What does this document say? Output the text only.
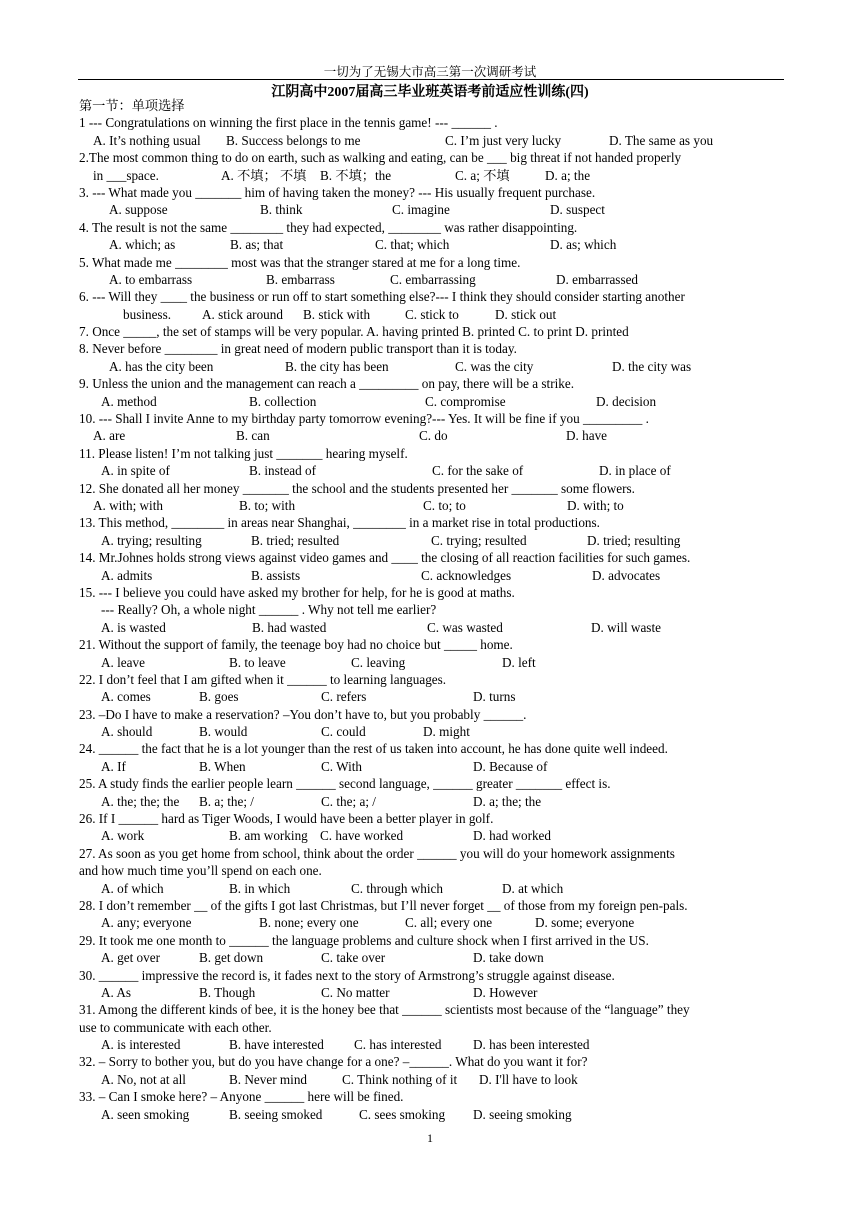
一切为了无锡大市高三第一次调研考试
江阴高中2007届高三毕业班英语考前适应性训练(四)
第一节：单项选择
1 --- Congratulations on winning the first place in the tennis game! --- ______ .
A. It’s nothing usual B. Success belongs to me	C. I’m just very lucky	D. The same as you
2.The most common thing to do on earth, such as walking and eating, can be ___ big threat if not handed properly
in ___space.	A. 不填； 不填 B. 不填；the	C. a; 不填	D. a; the
3. --- What made you _______ him of having taken the money? --- His usually frequent purchase.
A. suppose	B. think	C. imagine	D. suspect
4. The result is not the same ________ they had expected, ________ was rather disappointing.
A. which; as	B. as; that	C. that; which	D. as; which
5. What made me ________ most was that the stranger stared at me for a long time.
A. to embarrass	B. embarrass	C. embarrassing	D. embarrassed
6. --- Will they ____ the business or run off to start something else?--- I think they should consider starting another
business. A. stick around B. stick with	C. stick to	D. stick out
7. Once _____, the set of stamps will be very popular. A. having printed B. printed C. to print D. printed
8. Never before ________ in great need of modern public transport than it is today.
A. has the city been	B. the city has been	C. was the city	D. the city was
9. Unless the union and the management can reach a _________ on pay, there will be a strike.
A. method	B. collection	C. compromise	D. decision
10. --- Shall I invite Anne to my birthday party tomorrow evening?--- Yes. It will be fine if you _________ .
A. are	B. can	C. do	D. have
11. Please listen! I’m not talking just _______ hearing myself.
A. in spite of	B. instead of	C. for the sake of	D. in place of
12. She donated all her money _______ the school and the students presented her _______ some flowers.
A. with; with	B. to; with	C. to; to	D. with; to
13. This method, ________ in areas near Shanghai, ________ in a market rise in total productions.
A. trying; resulting	B. tried; resulted	C. trying; resulted	D. tried; resulting
14. Mr.Johnes holds strong views against video games and ____ the closing of all reaction facilities for such games.
A. admits	B. assists	C. acknowledges	D. advocates
15. --- I believe you could have asked my brother for help, for he is good at maths.
--- Really? Oh, a whole night ______ . Why not tell me earlier?
A. is wasted	B. had wasted	C. was wasted	D. will waste
21. Without the support of family, the teenage boy had no choice but _____ home.
A. leave	B. to leave	C. leaving	D. left
22. I don’t feel that I am gifted when it ______ to learning languages.
A. comes	B. goes	C. refers	D. turns
23. –Do I have to make a reservation? –You don’t have to, but you probably ______.
A. should	B. would	C. could	D. might
24. ______ the fact that he is a lot younger than the rest of us taken into account, he has done quite well indeed.
A. If	B. When	C. With	D. Because of
25. A study finds the earlier people learn ______ second language, ______ greater _______ effect is.
A. the; the; the B. a; the; /	C. the; a; /	D. a; the; the
26. If I ______ hard as Tiger Woods, I would have been a better player in golf.
A. work	B. am working C. have worked	D. had worked
27. As soon as you get home from school, think about the order ______ you will do your homework assignments
and how much time you’ll spend on each one.
A. of which	B. in which	C. through which	D. at which
28. I don’t remember __ of the gifts I got last Christmas, but I’ll never forget __ of those from my foreign pen-pals.
A. any; everyone	B. none; every one	C. all; every one	D. some; everyone
29. It took me one month to ______ the language problems and culture shock when I first arrived in the US.
A. get over	B. get down	C. take over	D. take down
30. ______ impressive the record is, it fades next to the story of Armstrong’s struggle against disease.
A. As	B. Though	C. No matter	D. However
31. Among the different kinds of bee, it is the honey bee that ______ scientists most because of the “language” they
use to communicate with each other.
A. is interested	B. have interested C. has interested D. has been interested
32. – Sorry to bother you, but do you have change for a one? –______. What do you want it for?
A. No, not at all	B. Never mind	C. Think nothing of it D. I'll have to look
33. – Can I smoke here? – Anyone ______ here will be fined.
A. seen smoking	B. seeing smoked	C. sees smoking D. seeing smoking
1
